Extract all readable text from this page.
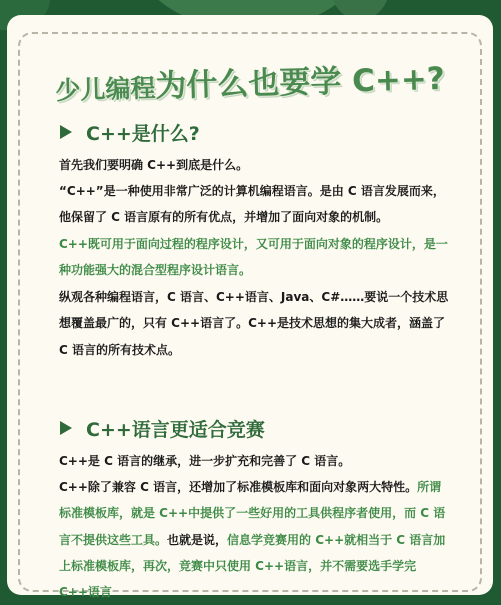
少儿编程为什么也要学 C++?
C++是什么?
首先我们要明确 C++到底是什么。
“C++”是一种使用非常广泛的计算机编程语言。是由 C 语言发展而来，他保留了 C 语言原有的所有优点，并增加了面向对象的机制。
C++既可用于面向过程的程序设计，又可用于面向对象的程序设计，是一种功能强大的混合型程序设计语言。
纵观各种编程语言，C 语言、C++语言、Java、C#……要说一个技术思想覆盖最广的，只有 C++语言了。C++是技术思想的集大成者，涵盖了 C 语言的所有技术点。
C++语言更适合竞赛
C++是 C 语言的继承，进一步扩充和完善了 C 语言。
C++除了兼容 C 语言，还增加了标准模板库和面向对象两大特性。所谓标准模板库，就是 C++中提供了一些好用的工具供程序者使用，而 C 语言不提供这些工具。也就是说，信息学竞赛用的 C++就相当于 C 语言加上标准模板库，再次，竞赛中只使用 C++语言，并不需要选手学完 C++语言
